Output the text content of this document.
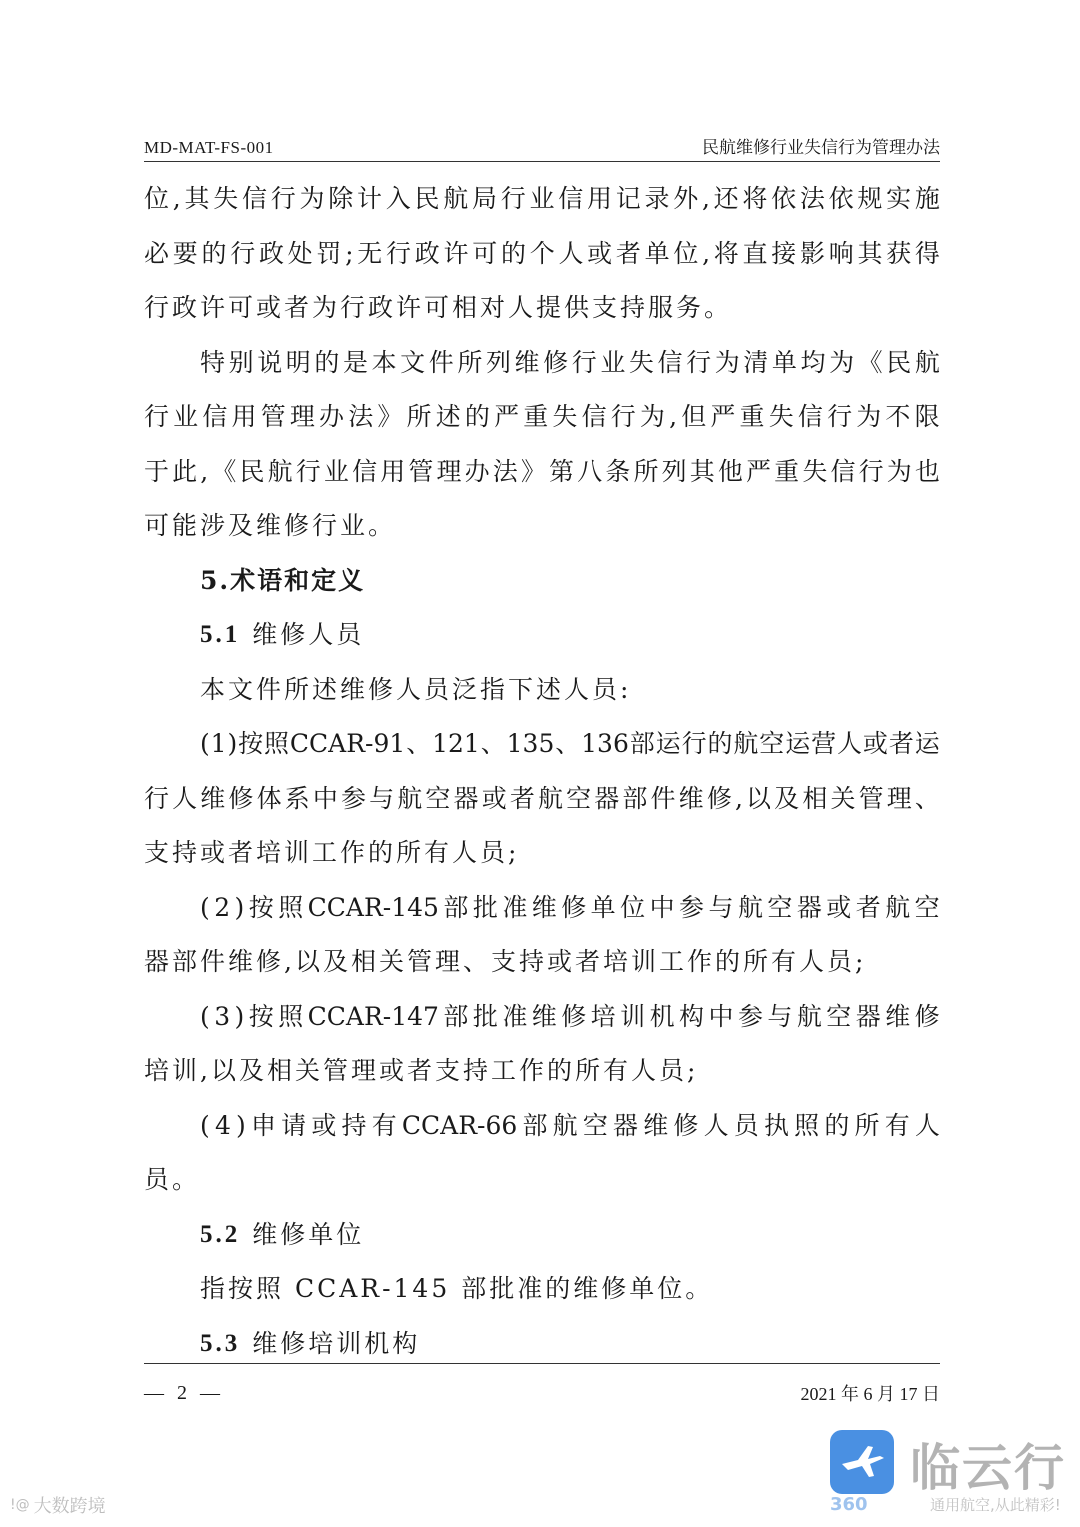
MD-MAT-FS-001	民航维修行业失信行为管理办法
位 , 其 失 信 行 为 除 计 入 民 航 局 行 业 信 用 记 录 外 , 还 将 依 法 依 规 实 施
必 要 的 行 政 处 罚 ; 无 行 政 许 可 的 个 人 或 者 单 位 , 将 直 接 影 响 其 获 得
行政许可或者为行政许可相对人提供支持服务。
特 别 说 明 的 是 本 文 件 所 列 维 修 行 业 失 信 行 为 清 单 均 为 《 民 航
行 业 信 用 管 理 办 法 》 所 述 的 严 重 失 信 行 为 , 但 严 重 失 信 行 为 不 限
于 此 , 《 民 航 行 业 信 用 管 理 办 法 》 第 八 条 所 列 其 他 严 重 失 信 行 为 也
可能涉及维修行业。
5.术语和定义
5.1 维修人员
本文件所述维修人员泛指下述人员:
( 1 ) 按 照 CCAR-91 、 121 、 135 、 136 部 运 行 的 航 空 运 营 人 或 者 运
行 人 维 修 体 系 中 参 与 航 空 器 或 者 航 空 器 部 件 维 修 , 以 及 相 关 管 理 、
支持或者培训工作的所有人员;
( 2 ) 按 照 CCAR-145 部 批 准 维 修 单 位 中 参 与 航 空 器 或 者 航 空
器部件维修,以及相关管理、支持或者培训工作的所有人员;
( 3 ) 按 照 CCAR-147 部 批 准 维 修 培 训 机 构 中 参 与 航 空 器 维 修
培训,以及相关管理或者支持工作的所有人员;
( 4 ) 申 请 或 持 有 CCAR-66 部 航 空 器 维 修 人 员 执 照 的 所 有 人
员。
5.2 维修单位
指按照 CCAR-145 部批准的维修单位。
5.3 维修培训机构
— 2 —	2021 年 6 月 17 日
!@ 大数跨境	360
临云行
通用航空,从此精彩!
